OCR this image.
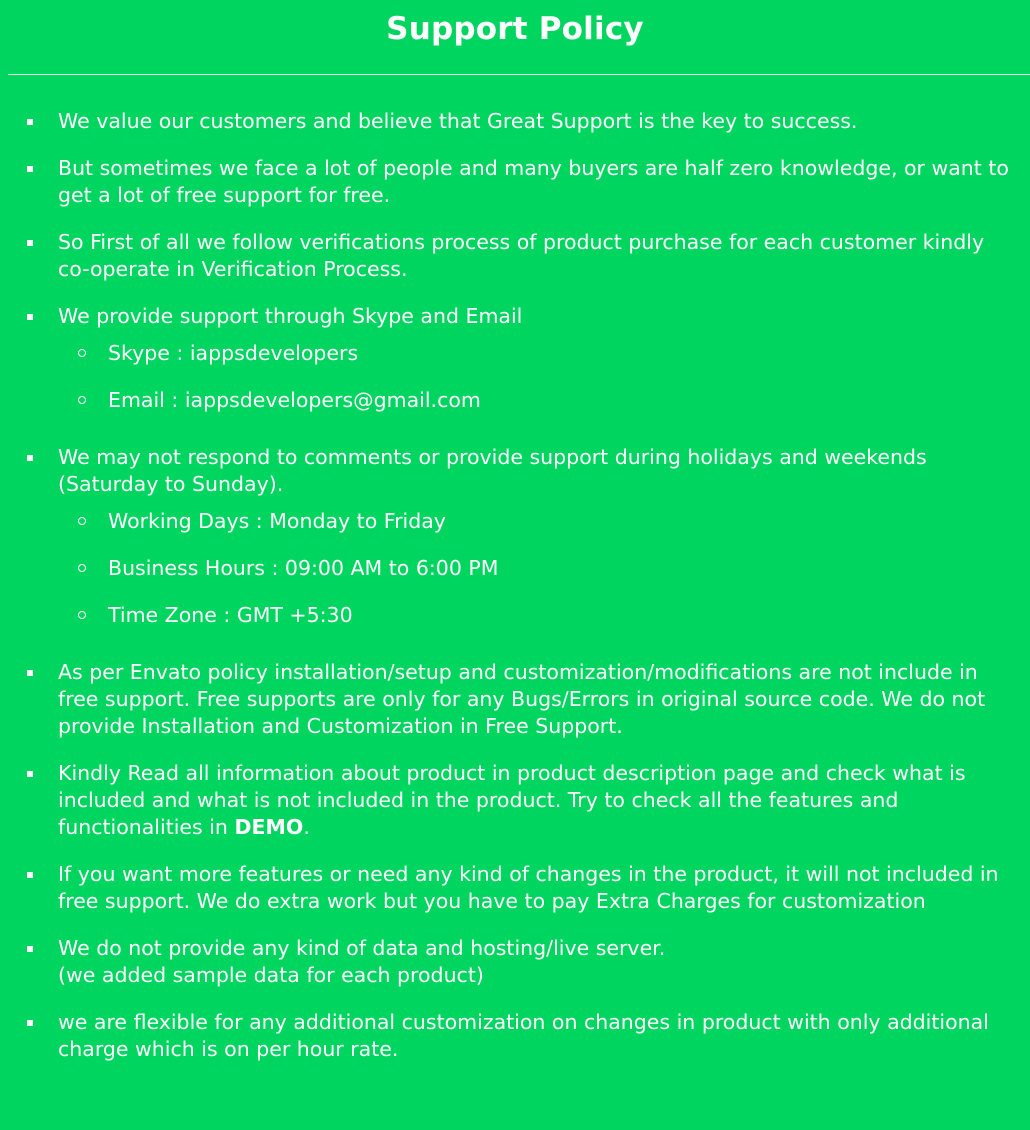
Support Policy
We value our customers and believe that Great Support is the key to success.
But sometimes we face a lot of people and many buyers are half zero knowledge, or want to get a lot of free support for free.
So First of all we follow verifications process of product purchase for each customer kindly co-operate in Verification Process.
We provide support through Skype and Email
Skype : iappsdevelopers
Email : iappsdevelopers@gmail.com
We may not respond to comments or provide support during holidays and weekends (Saturday to Sunday).
Working Days : Monday to Friday
Business Hours : 09:00 AM to 6:00 PM
Time Zone : GMT +5:30
As per Envato policy installation/setup and customization/modifications are not include in free support. Free supports are only for any Bugs/Errors in original source code. We do not provide Installation and Customization in Free Support.
Kindly Read all information about product in product description page and check what is included and what is not included in the product. Try to check all the features and functionalities in DEMO.
If you want more features or need any kind of changes in the product, it will not included in free support. We do extra work but you have to pay Extra Charges for customization
We do not provide any kind of data and hosting/live server.
(we added sample data for each product)
we are flexible for any additional customization on changes in product with only additional charge which is on per hour rate.
